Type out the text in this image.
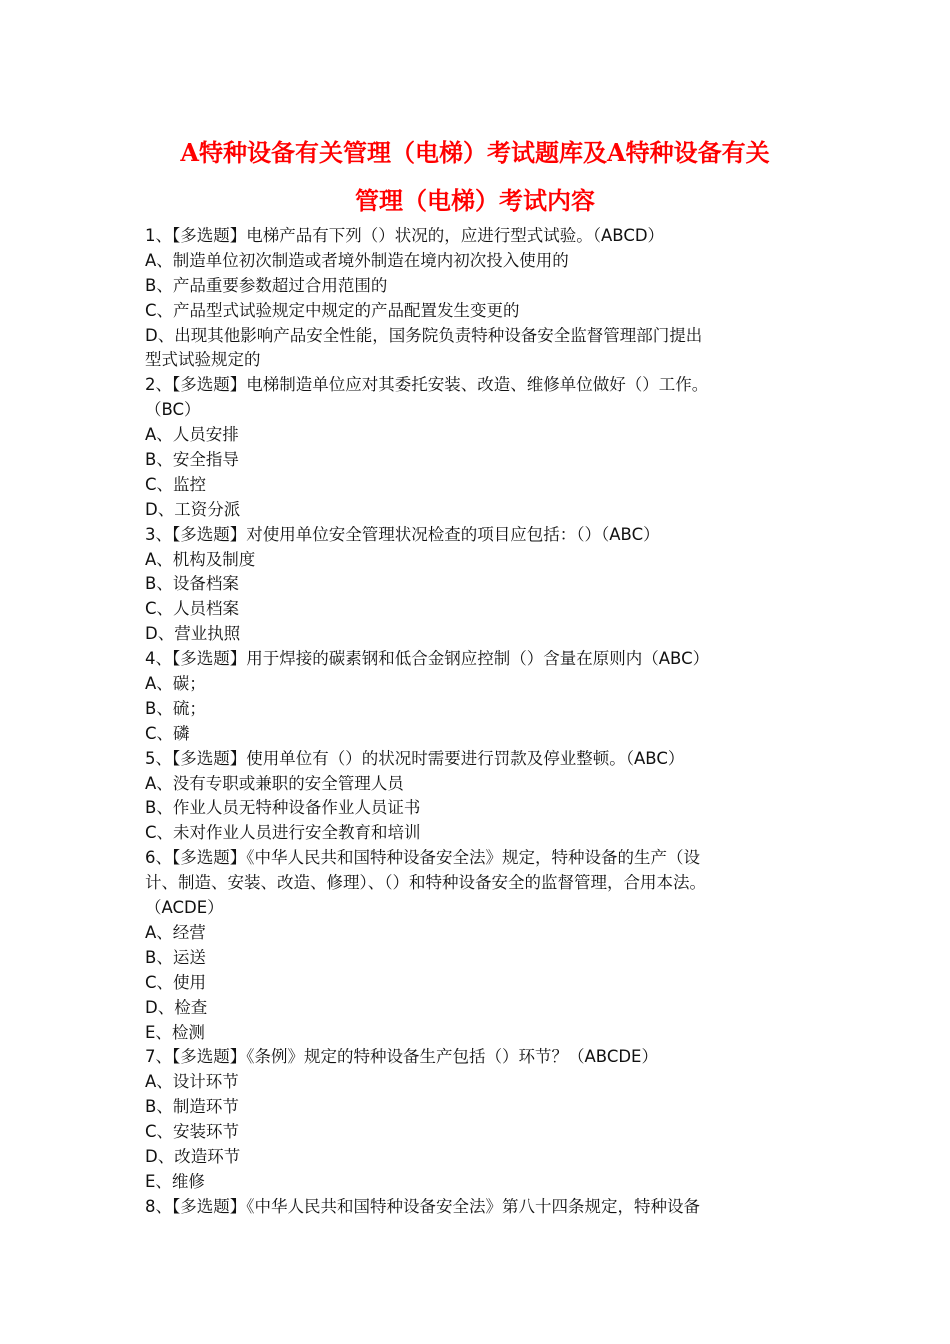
A特种设备有关管理（电梯）考试题库及A特种设备有关
管理（电梯）考试内容
1、【多选题】电梯产品有下列（）状况的，应进行型式试验。（ABCD）
A、制造单位初次制造或者境外制造在境内初次投入使用的
B、产品重要参数超过合用范围的
C、产品型式试验规定中规定的产品配置发生变更的
D、出现其他影响产品安全性能，国务院负责特种设备安全监督管理部门提出
型式试验规定的
2、【多选题】电梯制造单位应对其委托安装、改造、维修单位做好（）工作。
（BC）
A、人员安排
B、安全指导
C、监控
D、工资分派
3、【多选题】对使用单位安全管理状况检查的项目应包括：（）（ABC）
A、机构及制度
B、设备档案
C、人员档案
D、营业执照
4、【多选题】用于焊接的碳素钢和低合金钢应控制（）含量在原则内（ABC）
A、碳；
B、硫；
C、磷
5、【多选题】使用单位有（）的状况时需要进行罚款及停业整顿。（ABC）
A、没有专职或兼职的安全管理人员
B、作业人员无特种设备作业人员证书
C、未对作业人员进行安全教育和培训
6、【多选题】《中华人民共和国特种设备安全法》规定，特种设备的生产（设
计、制造、安装、改造、修理）、（）和特种设备安全的监督管理，合用本法。
（ACDE）
A、经营
B、运送
C、使用
D、检查
E、检测
7、【多选题】《条例》规定的特种设备生产包括（）环节？（ABCDE）
A、设计环节
B、制造环节
C、安装环节
D、改造环节
E、维修
8、【多选题】《中华人民共和国特种设备安全法》第八十四条规定，特种设备
